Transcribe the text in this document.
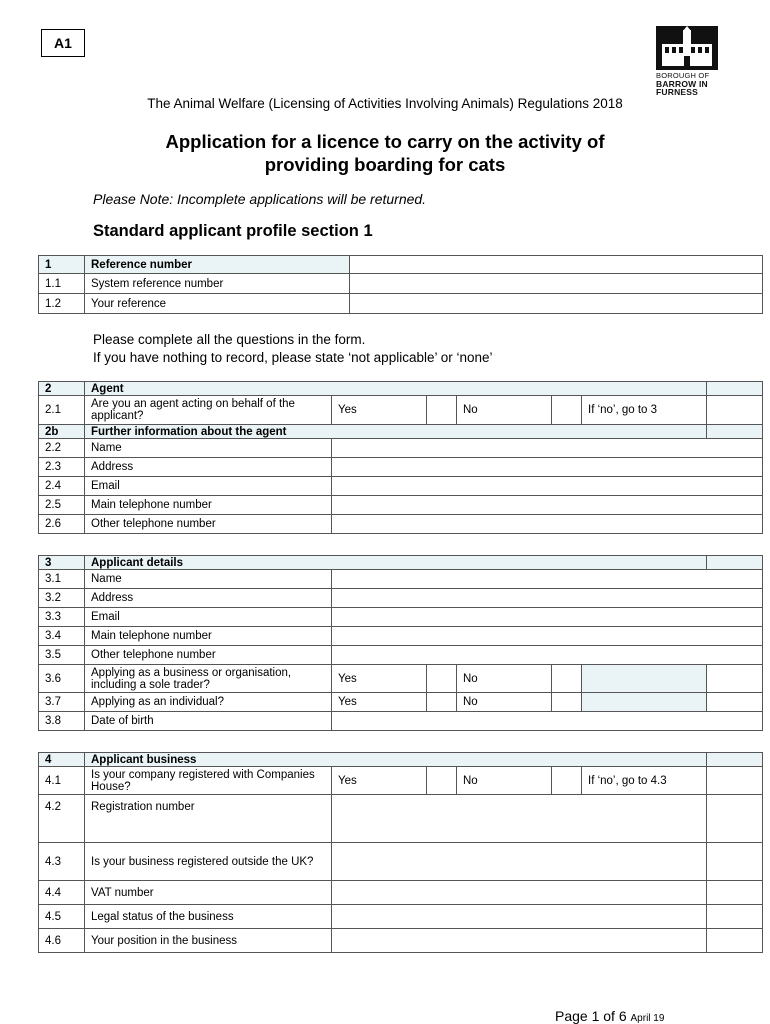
A1
BOROUGH OF
BARROW IN
FURNESS
The Animal Welfare (Licensing of Activities Involving Animals) Regulations 2018
Application for a licence to carry on the activity of
providing boarding for cats
Please Note: Incomplete applications will be returned.
Standard applicant profile section 1
1	Reference number	
1.1	System reference number	
1.2	Your reference	
Please complete all the questions in the form.
If you have nothing to record, please state ‘not applicable’ or ‘none’
2	Agent						
2.1	Are you an agent acting on behalf of the applicant?	Yes		No		If ‘no’, go to 3	
2b	Further information about the agent						
2.2	Name						
2.3	Address						
2.4	Email						
2.5	Main telephone number						
2.6	Other telephone number						
3	Applicant details						
3.1	Name						
3.2	Address						
3.3	Email						
3.4	Main telephone number						
3.5	Other telephone number						
3.6	Applying as a business or organisation, including a sole trader?	Yes		No			
3.7	Applying as an individual?	Yes		No			
3.8	Date of birth						
4	Applicant business						
4.1	Is your company registered with Companies House?	Yes		No		If ‘no’, go to 4.3	
4.2	Registration number						
4.3	Is your business registered outside the UK?						
4.4	VAT number						
4.5	Legal status of the business						
4.6	Your position in the business						
Page 1 of 6 April 19
